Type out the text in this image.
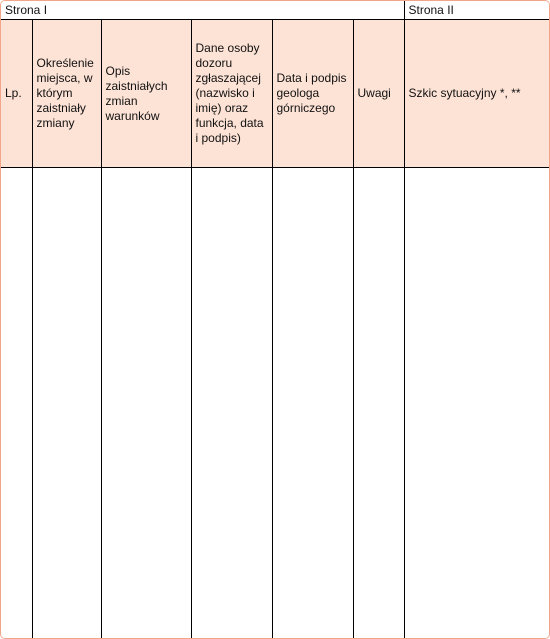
Strona I						Strona II
Lp.	Określenie miejsca, w którym zaistniały zmiany	Opis zaistniałych zmian warunków	Dane osoby dozoru zgłaszającej (nazwisko i imię) oraz funkcja, data i podpis)	Data i podpis geologa górniczego	Uwagi	Szkic sytuacyjny *, **
